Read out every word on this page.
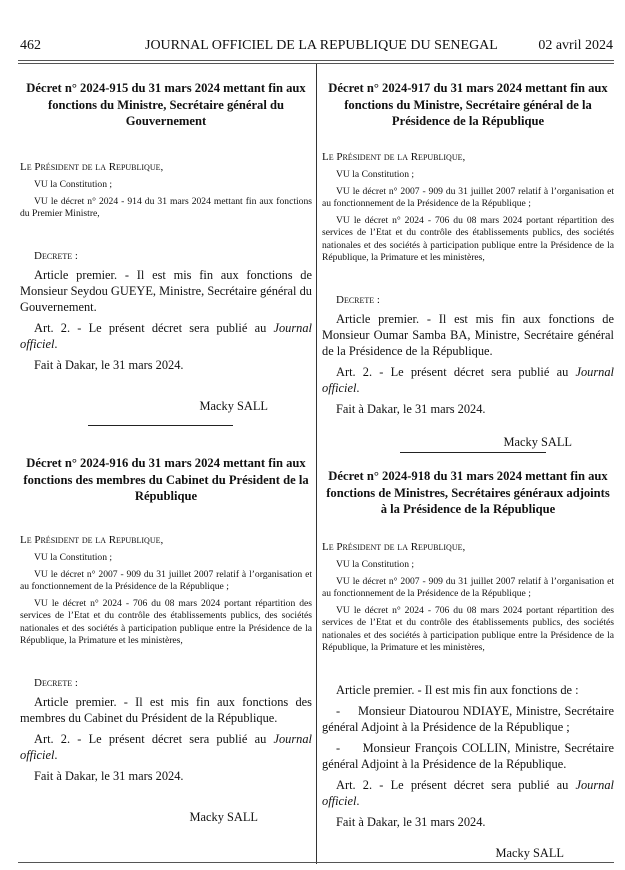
462	JOURNAL OFFICIEL DE LA REPUBLIQUE DU SENEGAL	02 avril 2024

Décret n° 2024-915 du 31 mars 2024 mettant fin aux fonctions du Ministre, Secrétaire général du Gouvernement

Le Président de la Republique,
VU la Constitution ;
VU le décret n° 2024 - 914 du 31 mars 2024 mettant fin aux fonctions du Premier Ministre,
Decrete :
Article premier. - Il est mis fin aux fonctions de Monsieur Seydou GUEYE, Ministre, Secrétaire général du Gouvernement.
Art. 2. - Le présent décret sera publié au Journal officiel.
Fait à Dakar, le 31 mars 2024.
Macky SALL

Décret n° 2024-916 du 31 mars 2024 mettant fin aux fonctions des membres du Cabinet du Président de la République

Le Président de la Republique,
VU la Constitution ;
VU le décret n° 2007 - 909 du 31 juillet 2007 relatif à l’organisation et au fonctionnement de la Présidence de la République ;
VU le décret n° 2024 - 706 du 08 mars 2024 portant répartition des services de l’Etat et du contrôle des établissements publics, des sociétés nationales et des sociétés à participation publique entre la Présidence de la République, la Primature et les ministères,
Decrete :
Article premier. - Il est mis fin aux fonctions des membres du Cabinet du Président de la République.
Art. 2. - Le présent décret sera publié au Journal officiel.
Fait à Dakar, le 31 mars 2024.
Macky SALL

Décret n° 2024-917 du 31 mars 2024 mettant fin aux fonctions du Ministre, Secrétaire général de la Présidence de la République

Le Président de la Republique,
VU la Constitution ;
VU le décret n° 2007 - 909 du 31 juillet 2007 relatif à l’organisation et au fonctionnement de la Présidence de la République ;
VU le décret n° 2024 - 706 du 08 mars 2024 portant répartition des services de l’Etat et du contrôle des établissements publics, des sociétés nationales et des sociétés à participation publique entre la Présidence de la République, la Primature et les ministères,
Decrete :
Article premier. - Il est mis fin aux fonctions de Monsieur Oumar Samba BA, Ministre, Secrétaire général de la Présidence de la République.
Art. 2. - Le présent décret sera publié au Journal officiel.
Fait à Dakar, le 31 mars 2024.
Macky SALL

Décret n° 2024-918 du 31 mars 2024 mettant fin aux fonctions de Ministres, Secrétaires généraux adjoints à la Présidence de la République

Le Président de la Republique,
VU la Constitution ;
VU le décret n° 2007 - 909 du 31 juillet 2007 relatif à l’organisation et au fonctionnement de la Présidence de la République ;
VU le décret n° 2024 - 706 du 08 mars 2024 portant répartition des services de l’Etat et du contrôle des établissements publics, des sociétés nationales et des sociétés à participation publique entre la Présidence de la République, la Primature et les ministères,
Article premier. - Il est mis fin aux fonctions de :
-     Monsieur Diatourou NDIAYE, Ministre, Secrétaire général Adjoint à la Présidence de la République ;
-     Monsieur François COLLIN, Ministre, Secrétaire général Adjoint à la Présidence de la République.
Art. 2. - Le présent décret sera publié au Journal officiel.
Fait à Dakar, le 31 mars 2024.
Macky SALL
